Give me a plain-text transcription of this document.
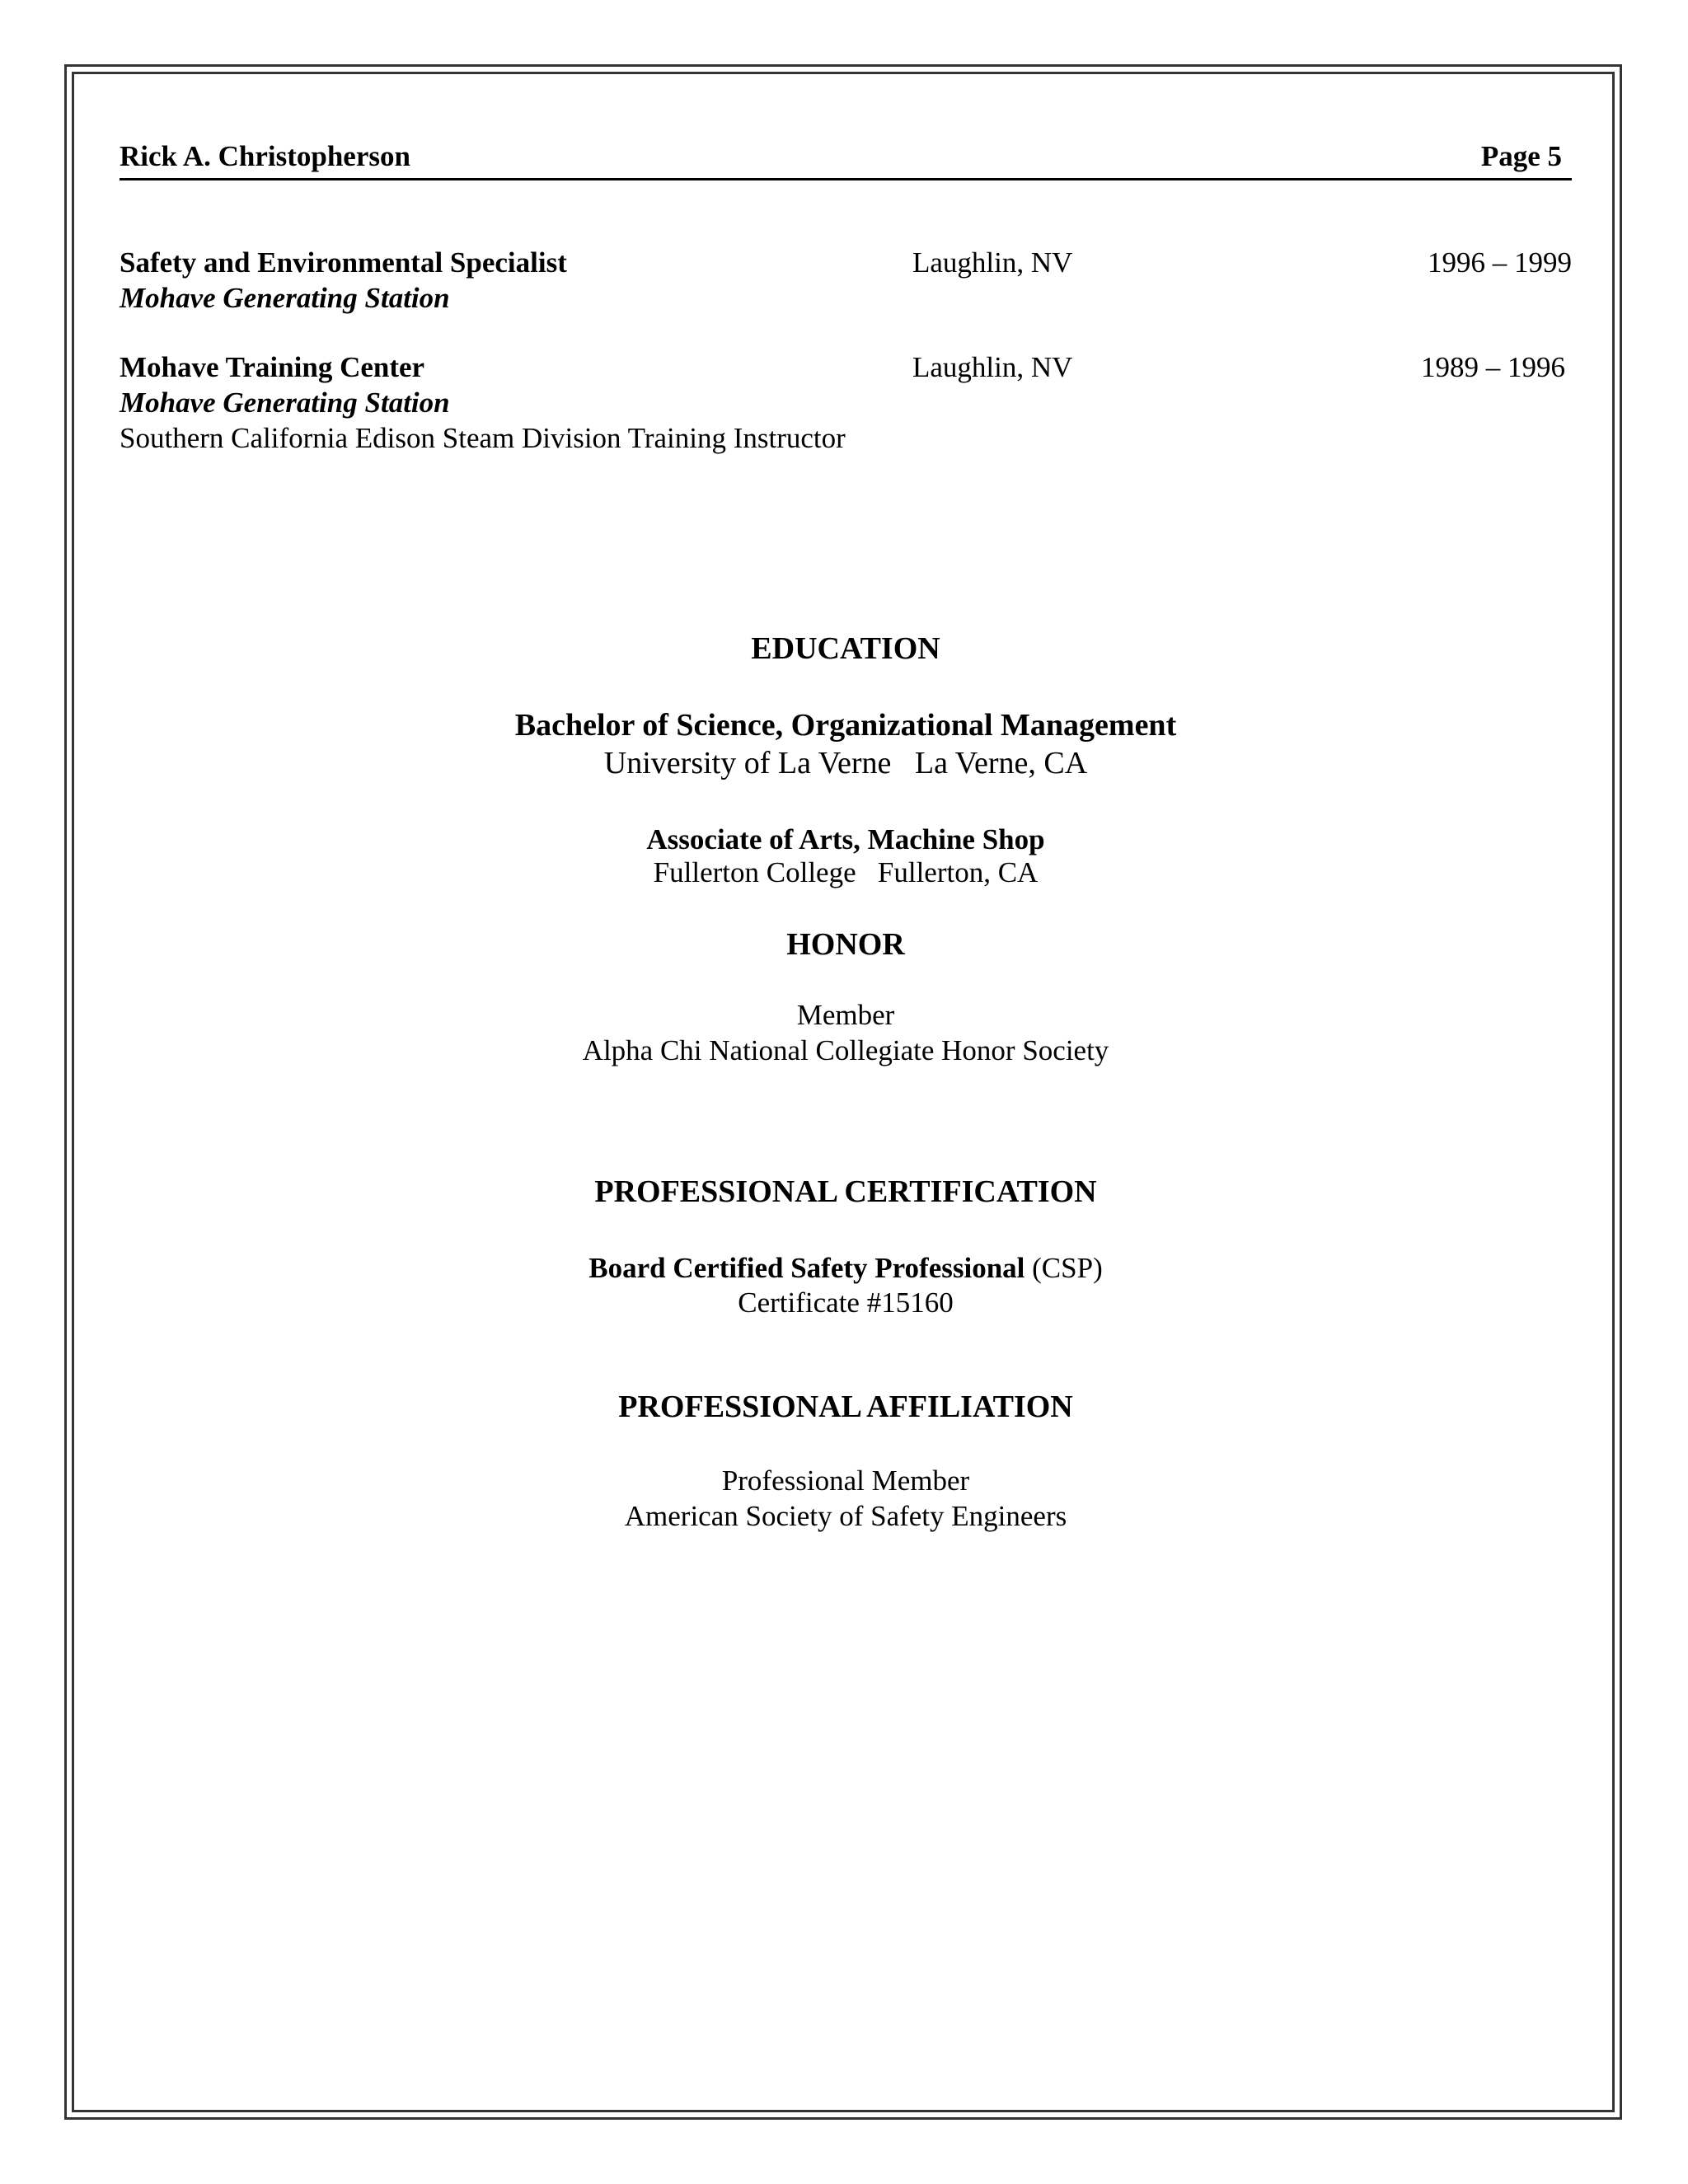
Rick A. Christopherson	Page 5
Safety and Environmental Specialist
Mohave Generating Station
Laughlin, NV	1996 – 1999
Mohave Training Center
Mohave Generating Station
Southern California Edison Steam Division Training Instructor
Laughlin, NV	1989 – 1996
EDUCATION
Bachelor of Science, Organizational Management
University of La Verne La Verne, CA
Associate of Arts, Machine Shop
Fullerton College Fullerton, CA
HONOR
Member
Alpha Chi National Collegiate Honor Society
PROFESSIONAL CERTIFICATION
Board Certified Safety Professional (CSP)
Certificate #15160
PROFESSIONAL AFFILIATION
Professional Member
American Society of Safety Engineers
